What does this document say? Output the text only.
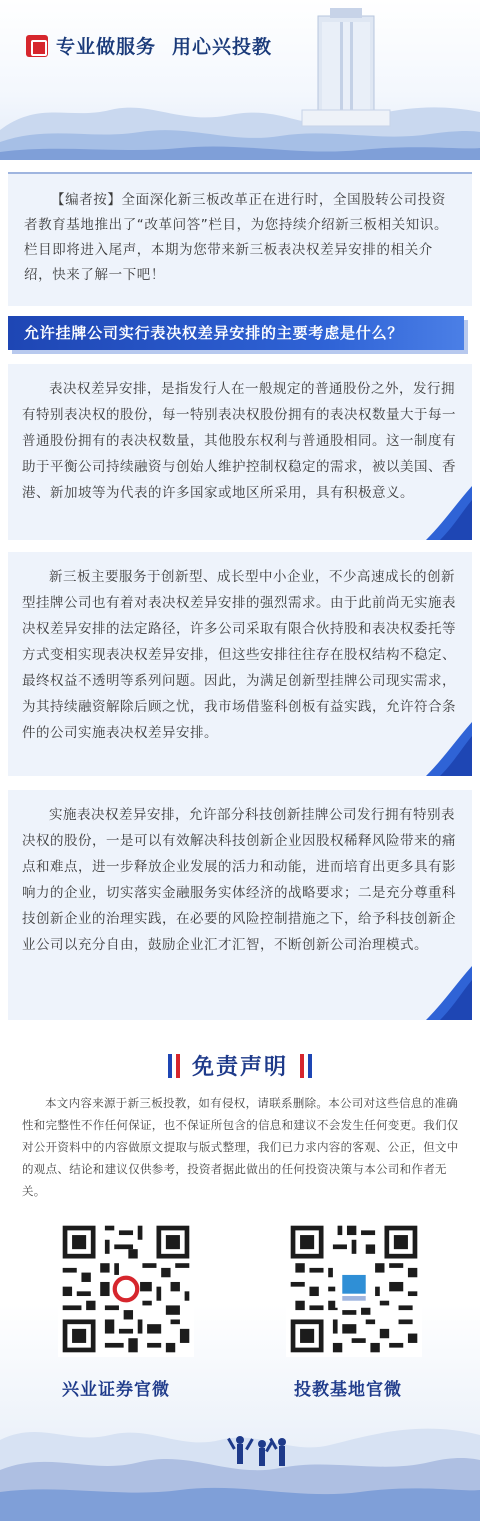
专业做服务 用心兴投教

【编者按】全面深化新三板改革正在进行时，全国股转公司投资者教育基地推出了“改革问答”栏目，为您持续介绍新三板相关知识。栏目即将进入尾声，本期为您带来新三板表决权差异安排的相关介绍，快来了解一下吧！

允许挂牌公司实行表决权差异安排的主要考虑是什么？

表决权差异安排，是指发行人在一般规定的普通股份之外，发行拥有特别表决权的股份，每一特别表决权股份拥有的表决权数量大于每一普通股份拥有的表决权数量，其他股东权利与普通股相同。这一制度有助于平衡公司持续融资与创始人维护控制权稳定的需求，被以美国、香港、新加坡等为代表的许多国家或地区所采用，具有积极意义。

新三板主要服务于创新型、成长型中小企业，不少高速成长的创新型挂牌公司也有着对表决权差异安排的强烈需求。由于此前尚无实施表决权差异安排的法定路径，许多公司采取有限合伙持股和表决权委托等方式变相实现表决权差异安排，但这些安排往往存在股权结构不稳定、最终权益不透明等系列问题。因此，为满足创新型挂牌公司现实需求，为其持续融资解除后顾之忧，我市场借鉴科创板有益实践，允许符合条件的公司实施表决权差异安排。

实施表决权差异安排，允许部分科技创新挂牌公司发行拥有特别表决权的股份，一是可以有效解决科技创新企业因股权稀释风险带来的痛点和难点，进一步释放企业发展的活力和动能，进而培育出更多具有影响力的企业，切实落实金融服务实体经济的战略要求；二是充分尊重科技创新企业的治理实践，在必要的风险控制措施之下，给予科技创新企业公司以充分自由，鼓励企业汇才汇智，不断创新公司治理模式。

免责声明

本文内容来源于新三板投教，如有侵权，请联系删除。本公司对这些信息的准确性和完整性不作任何保证，也不保证所包含的信息和建议不会发生任何变更。我们仅对公开资料中的内容做原文提取与版式整理，我们已力求内容的客观、公正，但文中的观点、结论和建议仅供参考，投资者据此做出的任何投资决策与本公司和作者无关。

兴业证券官微	投教基地官微
